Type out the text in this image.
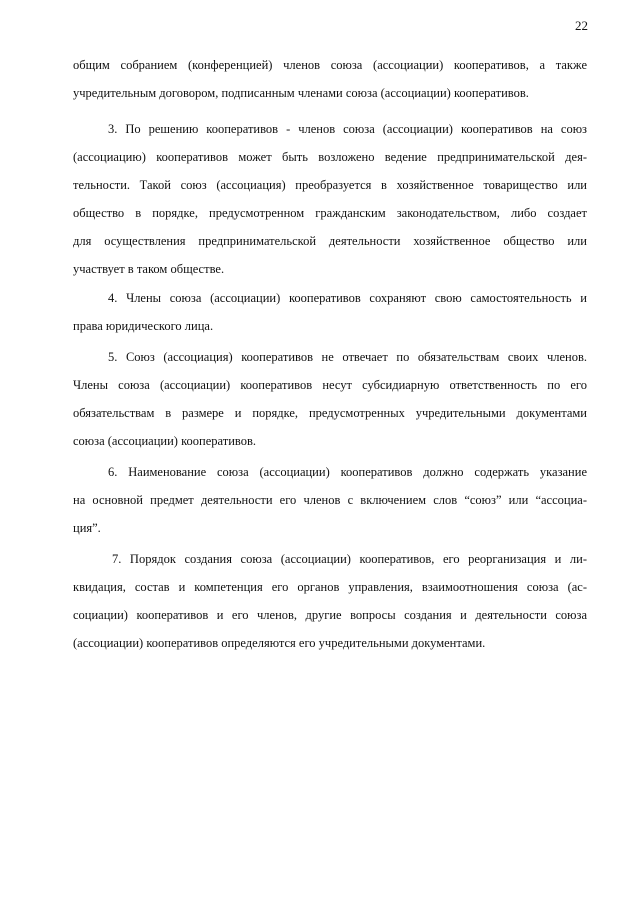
22
общим собранием (конференцией) членов союза (ассоциации) кооперативов, а также
учредительным договором, подписанным членами союза (ассоциации) кооперативов.
3. По решению кооперативов - членов союза (ассоциации) кооперативов на союз
(ассоциацию) кооперативов может быть возложено ведение предпринимательской дея-
тельности. Такой союз (ассоциация) преобразуется в хозяйственное товарищество или
общество в порядке, предусмотренном гражданским законодательством, либо создает
для осуществления предпринимательской деятельности хозяйственное общество или
участвует в таком обществе.
4. Члены союза (ассоциации) кооперативов сохраняют свою самостоятельность и
права юридического лица.
5. Союз (ассоциация) кооперативов не отвечает по обязательствам своих членов.
Члены союза (ассоциации) кооперативов несут субсидиарную ответственность по его
обязательствам в размере и порядке, предусмотренных учредительными документами
союза (ассоциации) кооперативов.
6. Наименование союза (ассоциации) кооперативов должно содержать указание
на основной предмет деятельности его членов с включением слов “союз” или “ассоциа-
ция”.
7. Порядок создания союза (ассоциации) кооперативов, его реорганизация и ли-
квидация, состав и компетенция его органов управления, взаимоотношения союза (ас-
социации) кооперативов и его членов, другие вопросы создания и деятельности союза
(ассоциации) кооперативов определяются его учредительными документами.
